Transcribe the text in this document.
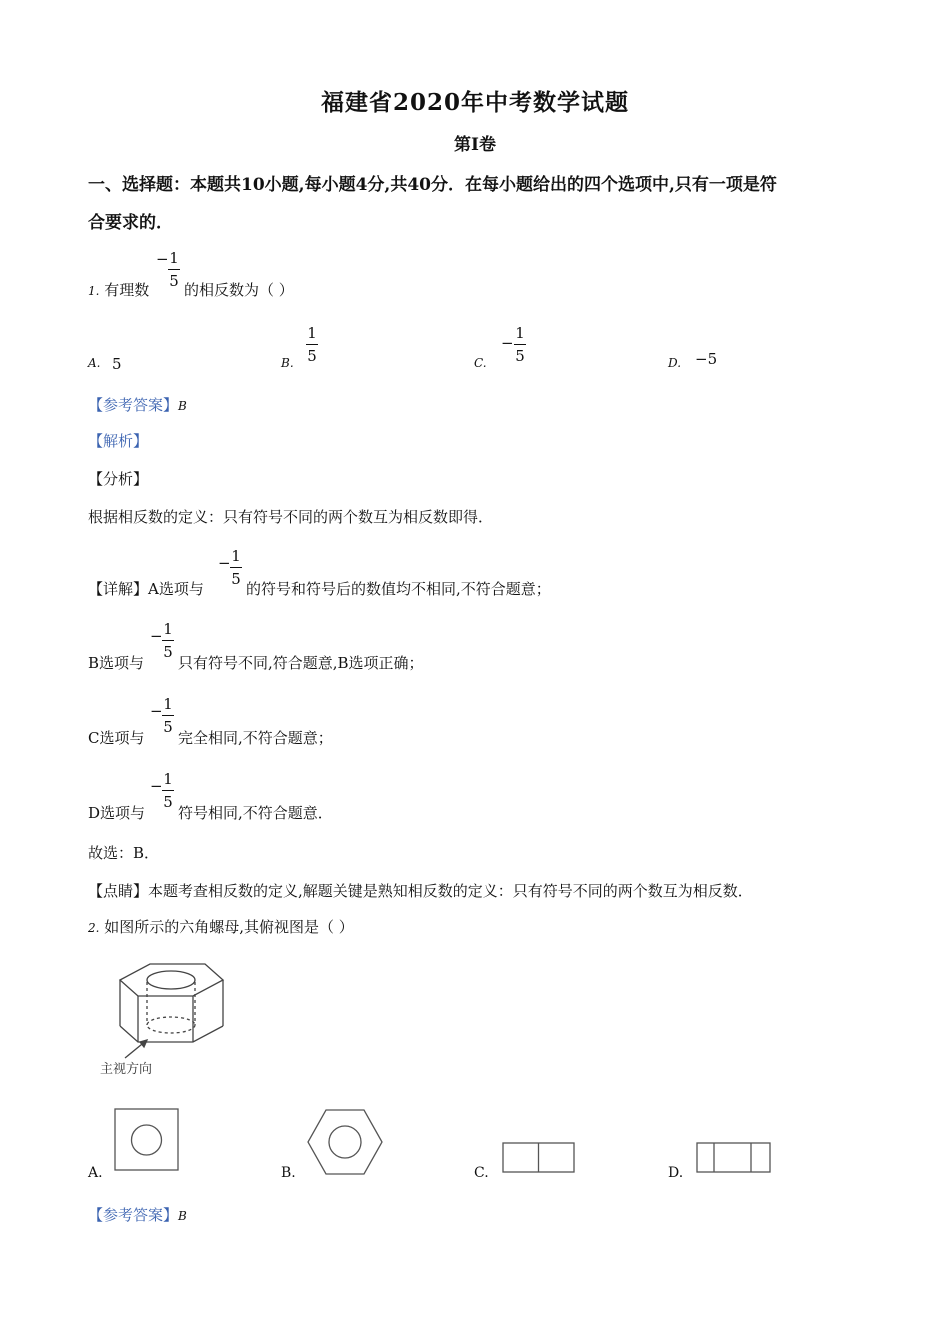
福建省2020年中考数学试题
第Ⅰ卷
一、选择题：本题共10小题,每小题4分,共40分．在每小题给出的四个选项中,只有一项是符
合要求的．
1. 有理数
− 1
5 的相反数为（ ）
A. 5	B.
1
5	C.
−
1
5	D. −5
【参考答案】B
【解析】
【分析】
根据相反数的定义：只有符号不同的两个数互为相反数即得．
【详解】A选项与
− 1
5
的符号和符号后的数值均不相同,不符合题意；
B选项与
− 1
5
只有符号不同,符合题意,B选项正确；
C选项与
− 1
5
完全相同,不符合题意；
D选项与
− 1
5
符号相同,不符合题意．
故选：B．
【点睛】本题考查相反数的定义,解题关键是熟知相反数的定义：只有符号不同的两个数互为相反数．
2. 如图所示的六角螺母,其俯视图是（ ）
主视方向
A.	B.	C.	D.
【参考答案】B
